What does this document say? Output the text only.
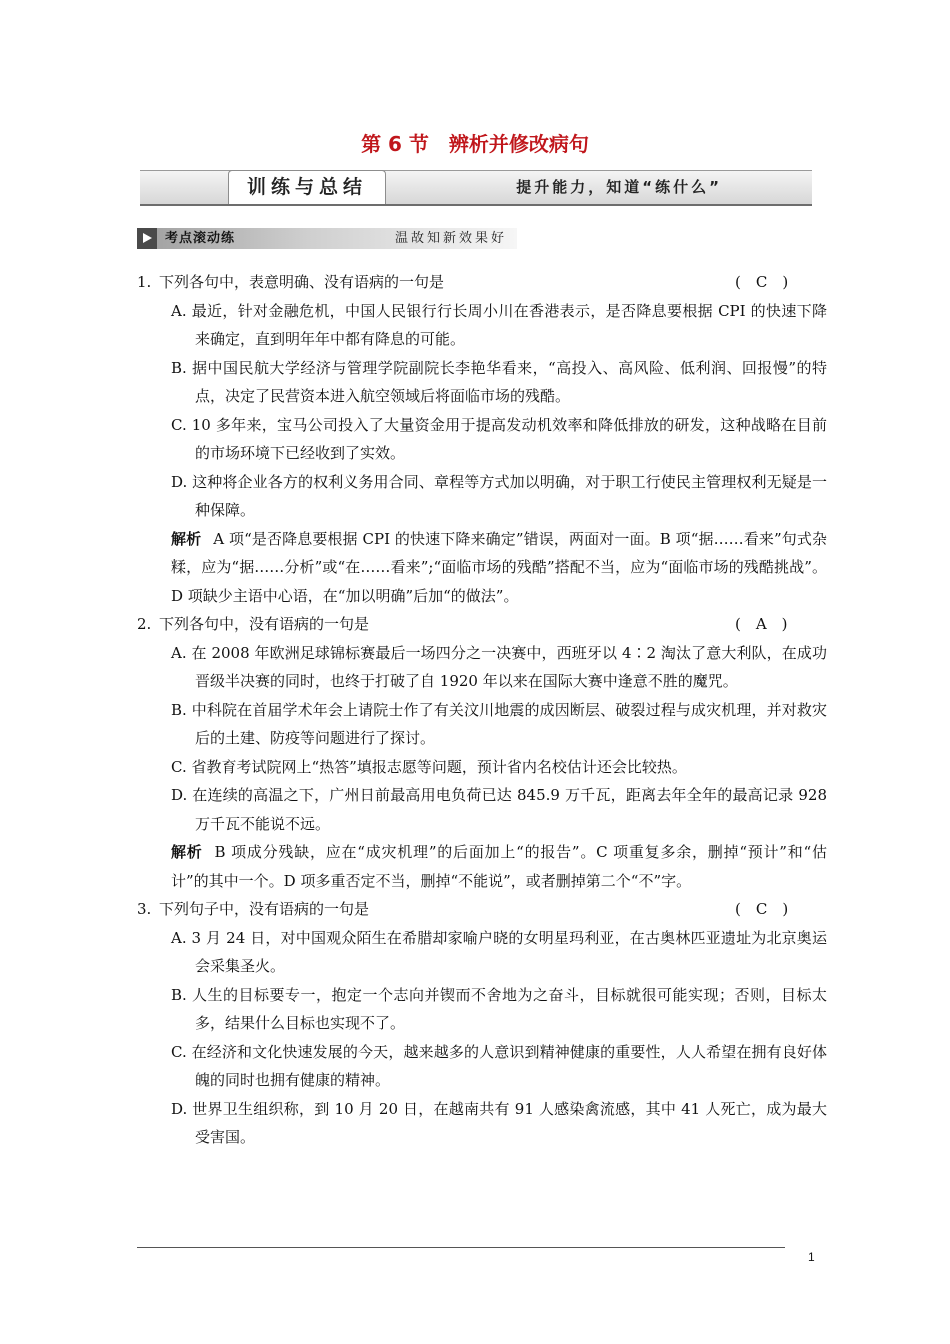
第 6 节　辨析并修改病句
训练与总结	提升能力，知道“练什么”
考点滚动练	温故知新效果好
1. 下列各句中，表意明确、没有语病的一句是	(　C　)
A. 最近，针对金融危机，中国人民银行行长周小川在香港表示，是否降息要根据 CPI 的快速下降来确定，直到明年年中都有降息的可能。
B. 据中国民航大学经济与管理学院副院长李艳华看来，“高投入、高风险、低利润、回报慢”的特点，决定了民营资本进入航空领域后将面临市场的残酷。
C. 10 多年来，宝马公司投入了大量资金用于提高发动机效率和降低排放的研发，这种战略在目前的市场环境下已经收到了实效。
D. 这种将企业各方的权利义务用合同、章程等方式加以明确，对于职工行使民主管理权利无疑是一种保障。
解析 A 项“是否降息要根据 CPI 的快速下降来确定”错误，两面对一面。B 项“据……看来”句式杂糅，应为“据……分析”或“在……看来”;“面临市场的残酷”搭配不当，应为“面临市场的残酷挑战”。D 项缺少主语中心语，在“加以明确”后加“的做法”。
2. 下列各句中，没有语病的一句是	(　A　)
A. 在 2008 年欧洲足球锦标赛最后一场四分之一决赛中，西班牙以 4∶2 淘汰了意大利队，在成功晋级半决赛的同时，也终于打破了自 1920 年以来在国际大赛中逢意不胜的魔咒。
B. 中科院在首届学术年会上请院士作了有关汶川地震的成因断层、破裂过程与成灾机理，并对救灾后的土建、防疫等问题进行了探讨。
C. 省教育考试院网上“热答”填报志愿等问题，预计省内名校估计还会比较热。
D. 在连续的高温之下，广州日前最高用电负荷已达 845.9 万千瓦，距离去年全年的最高记录 928 万千瓦不能说不远。
解析 B 项成分残缺，应在“成灾机理”的后面加上“的报告”。C 项重复多余，删掉“预计”和“估计”的其中一个。D 项多重否定不当，删掉“不能说”，或者删掉第二个“不”字。
3. 下列句子中，没有语病的一句是	(　C　)
A. 3 月 24 日，对中国观众陌生在希腊却家喻户晓的女明星玛利亚，在古奥林匹亚遗址为北京奥运会采集圣火。
B. 人生的目标要专一，抱定一个志向并锲而不舍地为之奋斗，目标就很可能实现；否则，目标太多，结果什么目标也实现不了。
C. 在经济和文化快速发展的今天，越来越多的人意识到精神健康的重要性，人人希望在拥有良好体魄的同时也拥有健康的精神。
D. 世界卫生组织称，到 10 月 20 日，在越南共有 91 人感染禽流感，其中 41 人死亡，成为最大受害国。
1
